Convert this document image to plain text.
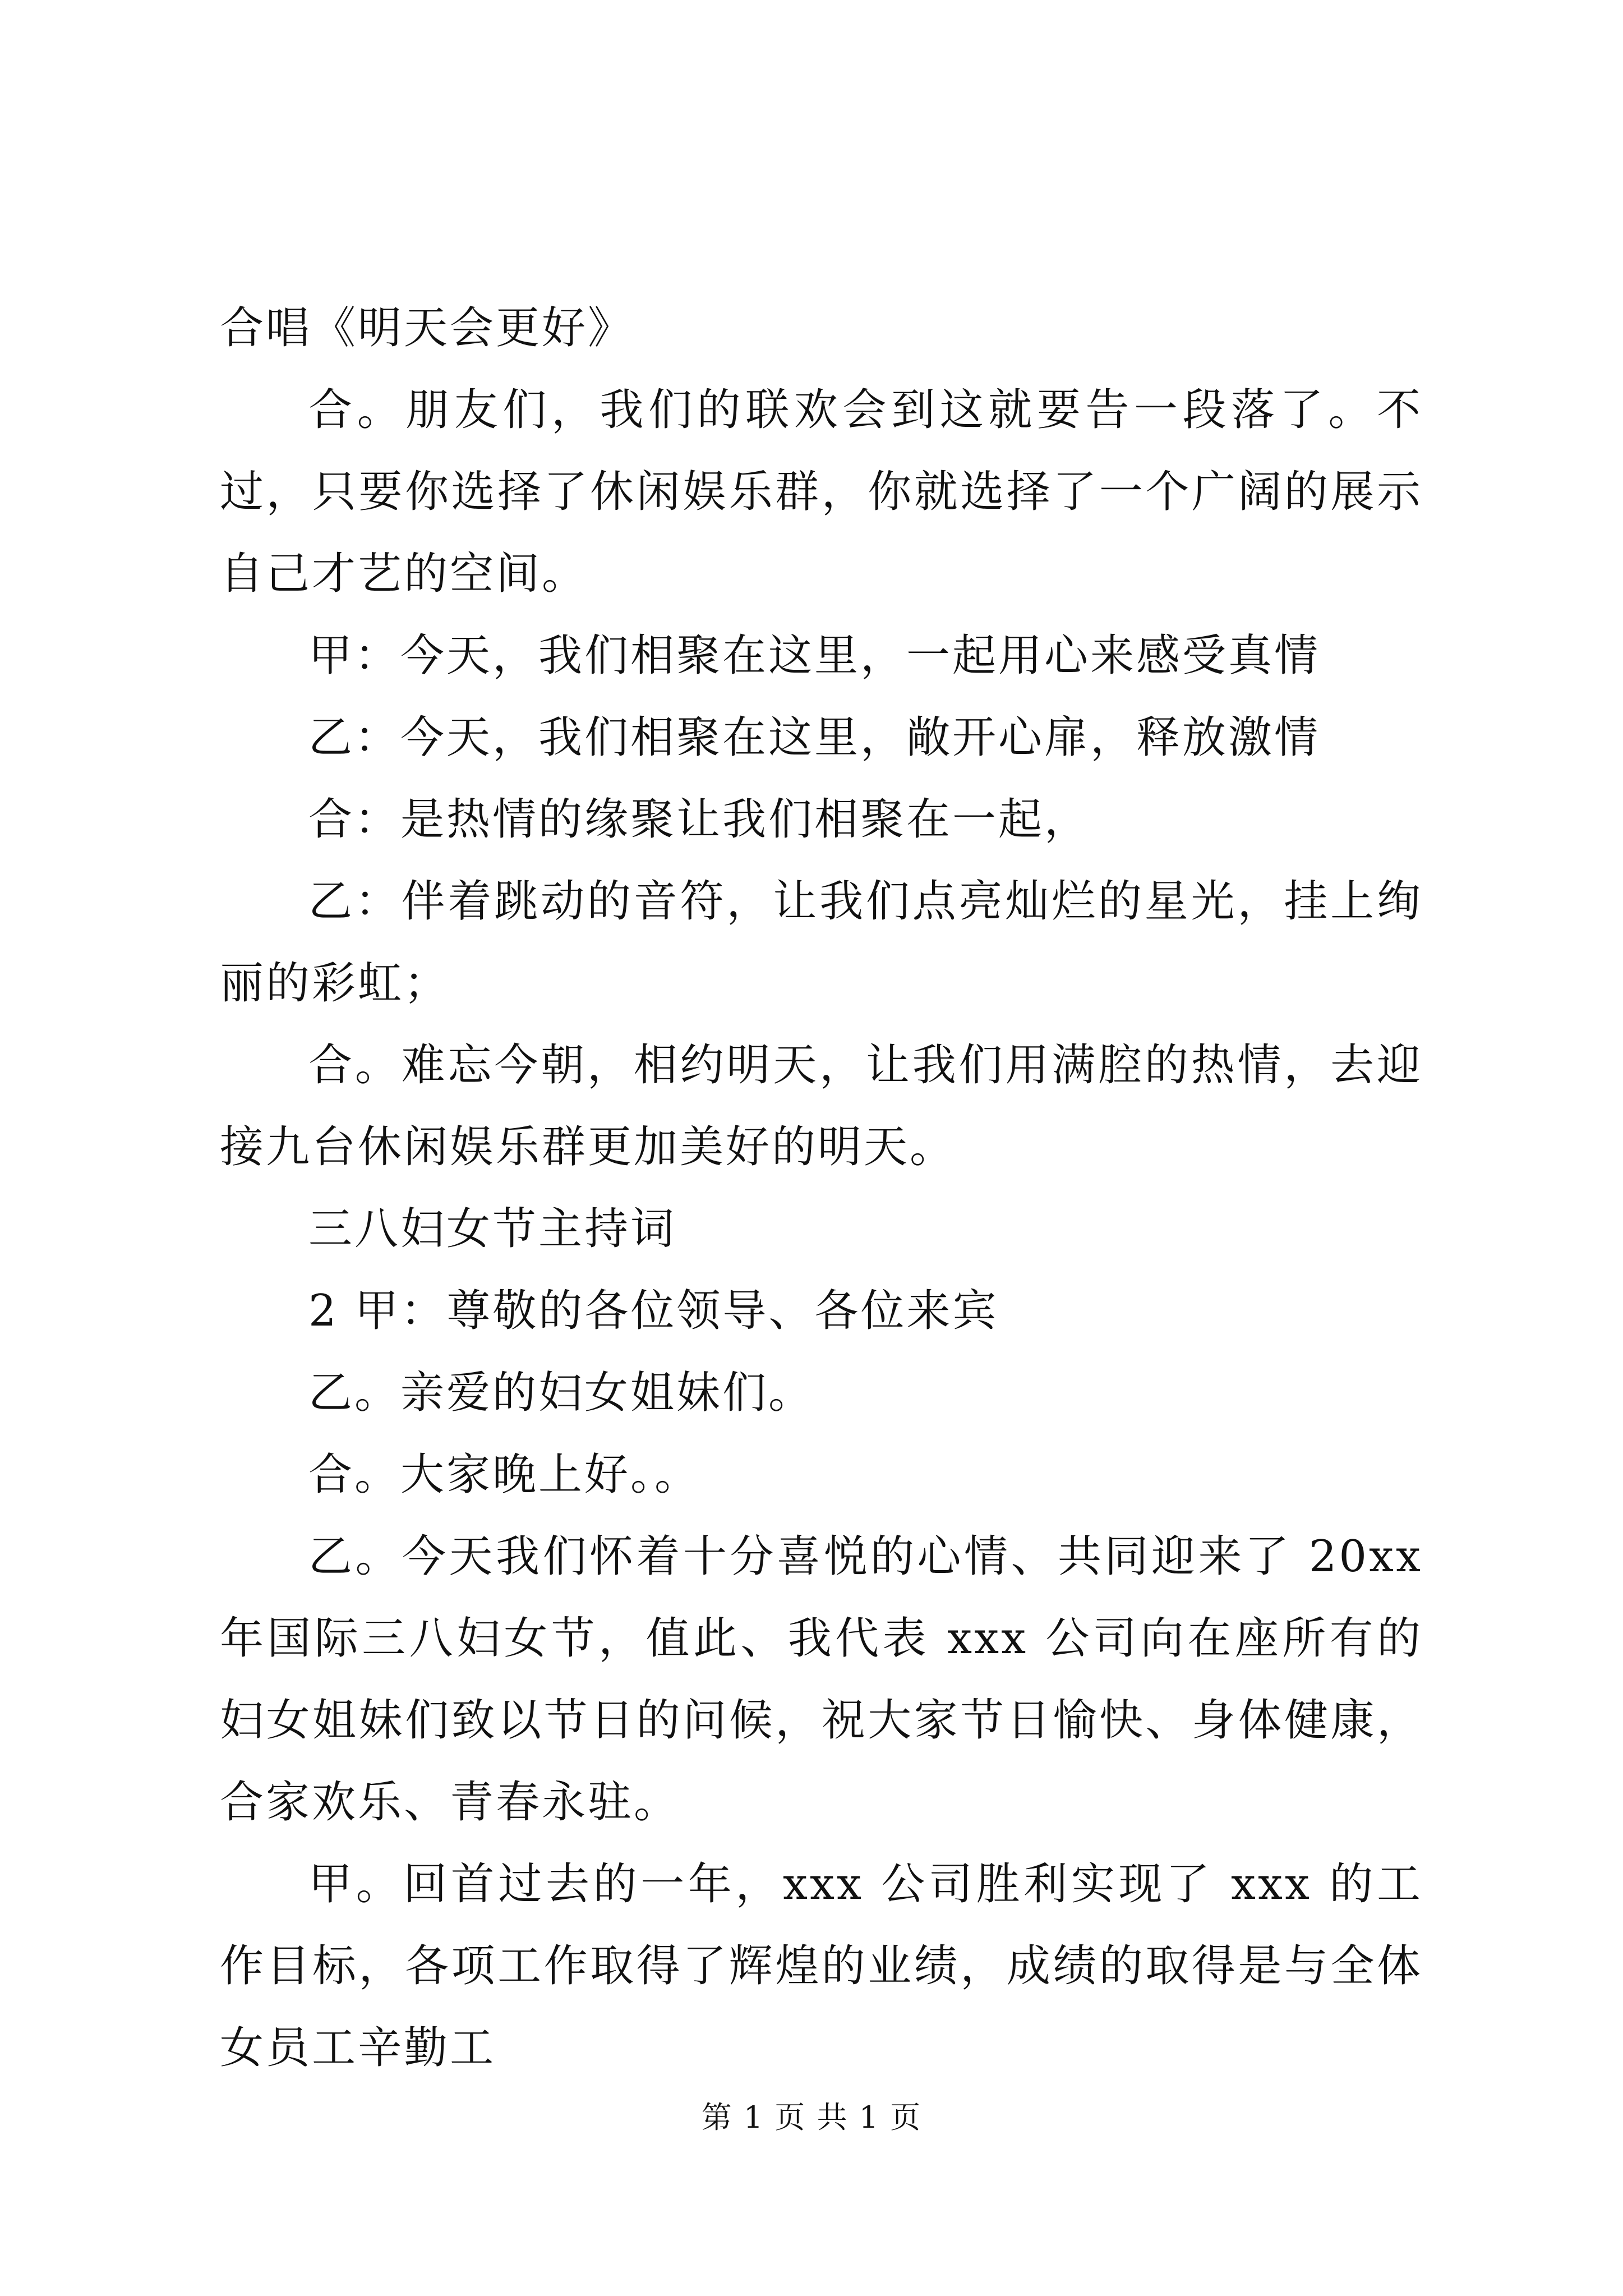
合唱《明天会更好》

合。朋友们，我们的联欢会到这就要告一段落了。不过，只要你选择了休闲娱乐群，你就选择了一个广阔的展示自己才艺的空间。

甲：今天，我们相聚在这里，一起用心来感受真情

乙：今天，我们相聚在这里，敞开心扉，释放激情

合：是热情的缘聚让我们相聚在一起，

乙：伴着跳动的音符，让我们点亮灿烂的星光，挂上绚丽的彩虹；

合。难忘今朝，相约明天，让我们用满腔的热情，去迎接九台休闲娱乐群更加美好的明天。

三八妇女节主持词

2 甲：尊敬的各位领导、各位来宾

乙。亲爱的妇女姐妹们。

合。大家晚上好。。

乙。今天我们怀着十分喜悦的心情、共同迎来了 20xx 年国际三八妇女节，值此、我代表 xxx 公司向在座所有的妇女姐妹们致以节日的问候，祝大家节日愉快、身体健康，合家欢乐、青春永驻。

甲。回首过去的一年，xxx 公司胜利实现了 xxx 的工作目标，各项工作取得了辉煌的业绩，成绩的取得是与全体女员工辛勤工

第 1 页 共 1 页
